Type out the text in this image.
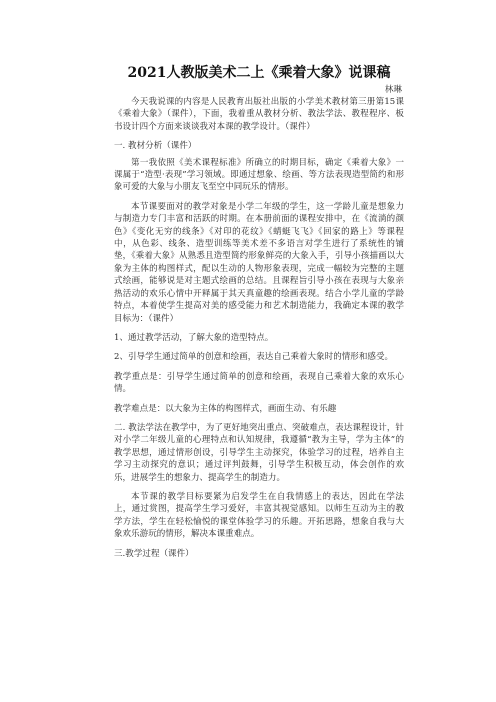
2021人教版美术二上《乘着大象》说课稿

林琳

今天我说课的内容是人民教育出版社出版的小学美术教材第三册第15课《乘着大象》（课件），下面，我着重从教材分析、教法学法、教程程序、板书设计四个方面来谈谈我对本课的教学设计。（课件）

一. 教材分析（课件）

第一我依照《美术课程标准》所确立的时期目标，确定《乘着大象》一课属于“造型·表现”学习领域。即通过想象、绘画、等方法表现造型简约和形象可爱的大象与小朋友飞至空中同玩乐的情形。

本节课要面对的教学对象是小学二年级的学生，这一学龄儿童是想象力与制造力专门丰富和活跃的时期。在本册前面的课程安排中，在《流淌的颜色》《变化无穷的线条》《对印的花纹》《蜻蜓飞飞》《回家的路上》等课程中，从色彩、线条、造型训练等美术差不多语言对学生进行了系统性的铺垫，《乘着大象》从熟悉且造型简约形象鲜亮的大象入手，引导小孩描画以大象为主体的构图样式，配以生动的人物形象表现，完成一幅较为完整的主题式绘画，能够说是对主题式绘画的总结。且课程旨引导小孩在表现与大象亲热活动的欢乐心情中开释属于其天真童趣的绘画表现。结合小学儿童的学龄特点，本着使学生提高对美的感受能力和艺术制造能力，我确定本课的教学目标为：（课件）

1、通过教学活动，了解大象的造型特点。

2、引导学生通过简单的创意和绘画，表达自己乘着大象时的情形和感受。

教学重点是：引导学生通过简单的创意和绘画，表现自己乘着大象的欢乐心情。

教学难点是：以大象为主体的构图样式，画面生动、有乐趣

二. 教法学法在教学中，为了更好地突出重点、突破难点，表达课程设计，针对小学二年级儿童的心理特点和认知规律，我遵循“教为主导，学为主体”的教学思想，通过情形创设，引导学生主动探究，体验学习的过程，培养自主学习主动探究的意识；通过评判鼓舞，引导学生积极互动，体会创作的欢乐，进展学生的想象力、提高学生的制造力。

本节课的教学目标要紧为启发学生在自我情感上的表达，因此在学法上，通过赏图，提高学生学习爱好，丰富其视觉感知。以师生互动为主的教学方法，学生在轻松愉悦的课堂体验学习的乐趣。开拓思路，想象自我与大象欢乐游玩的情形，解决本课重难点。

三.教学过程（课件）
